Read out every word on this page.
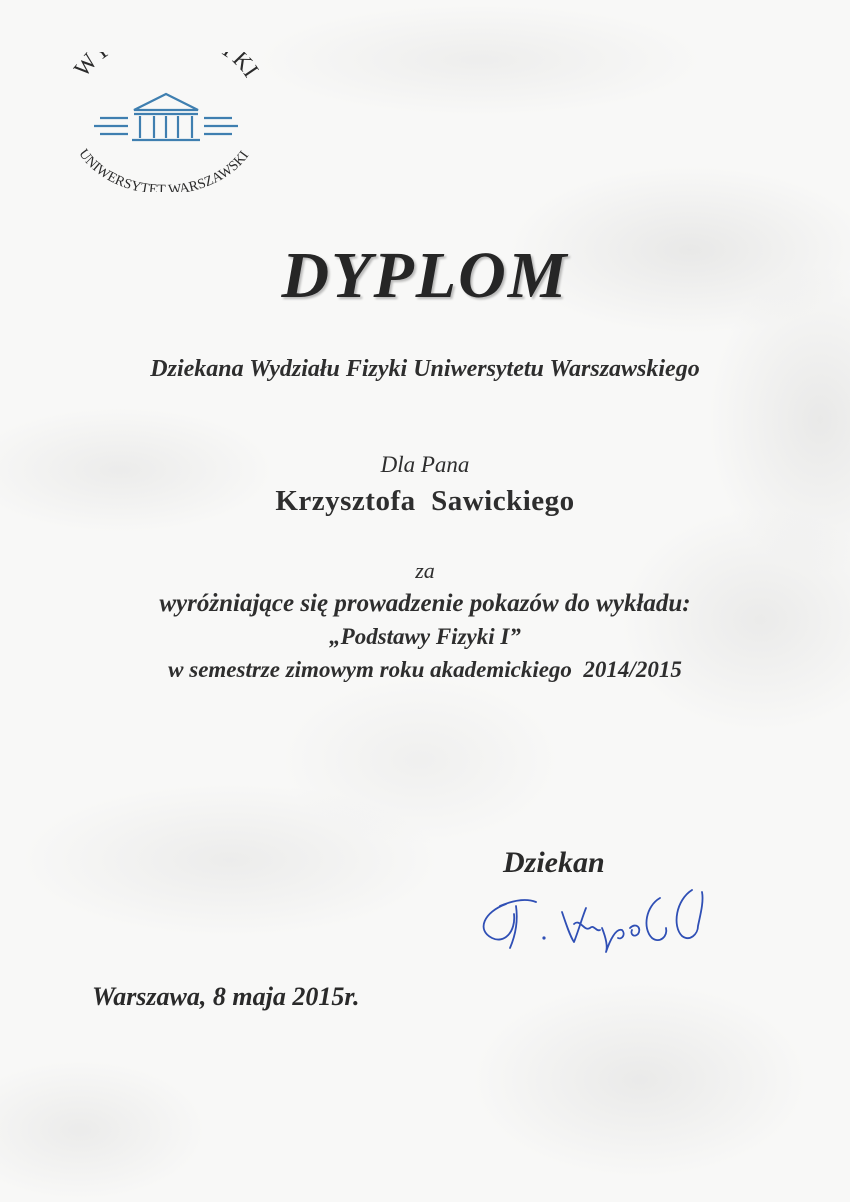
W KI
UNIWERSYTET WARSZAWSKI
DYPLOM
Dziekana Wydziału Fizyki Uniwersytetu Warszawskiego
Dla Pana
Krzysztofa  Sawickiego
za
wyróżniające się prowadzenie pokazów do wykładu:
„Podstawy Fizyki I”
w semestrze zimowym roku akademickiego  2014/2015
Dziekan
Warszawa, 8 maja 2015r.
